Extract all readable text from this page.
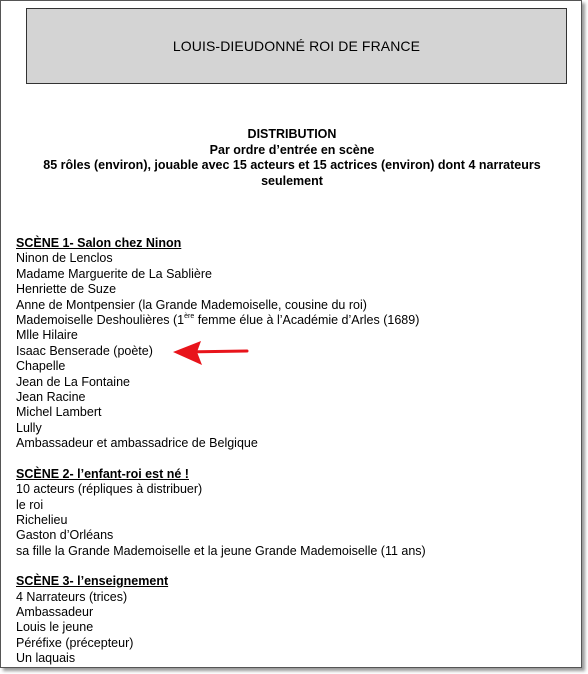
LOUIS-DIEUDONNÉ ROI DE FRANCE
DISTRIBUTION
Par ordre d’entrée en scène
85 rôles (environ), jouable avec 15 acteurs et 15 actrices (environ) dont 4 narrateurs
seulement
SCÈNE 1- Salon chez Ninon
Ninon de Lenclos
Madame Marguerite de La Sablière
Henriette de Suze
Anne de Montpensier (la Grande Mademoiselle, cousine du roi)
Mademoiselle Deshoulières (1ère femme élue à l’Académie d’Arles (1689)
Mlle Hilaire
Isaac Benserade (poète)
Chapelle
Jean de La Fontaine
Jean Racine
Michel Lambert
Lully
Ambassadeur et ambassadrice de Belgique
SCÈNE 2- l’enfant-roi est né !
10 acteurs (répliques à distribuer)
le roi
Richelieu
Gaston d’Orléans
sa fille la Grande Mademoiselle et la jeune Grande Mademoiselle (11 ans)
SCÈNE 3- l’enseignement
4 Narrateurs (trices)
Ambassadeur
Louis le jeune
Péréfixe (précepteur)
Un laquais
